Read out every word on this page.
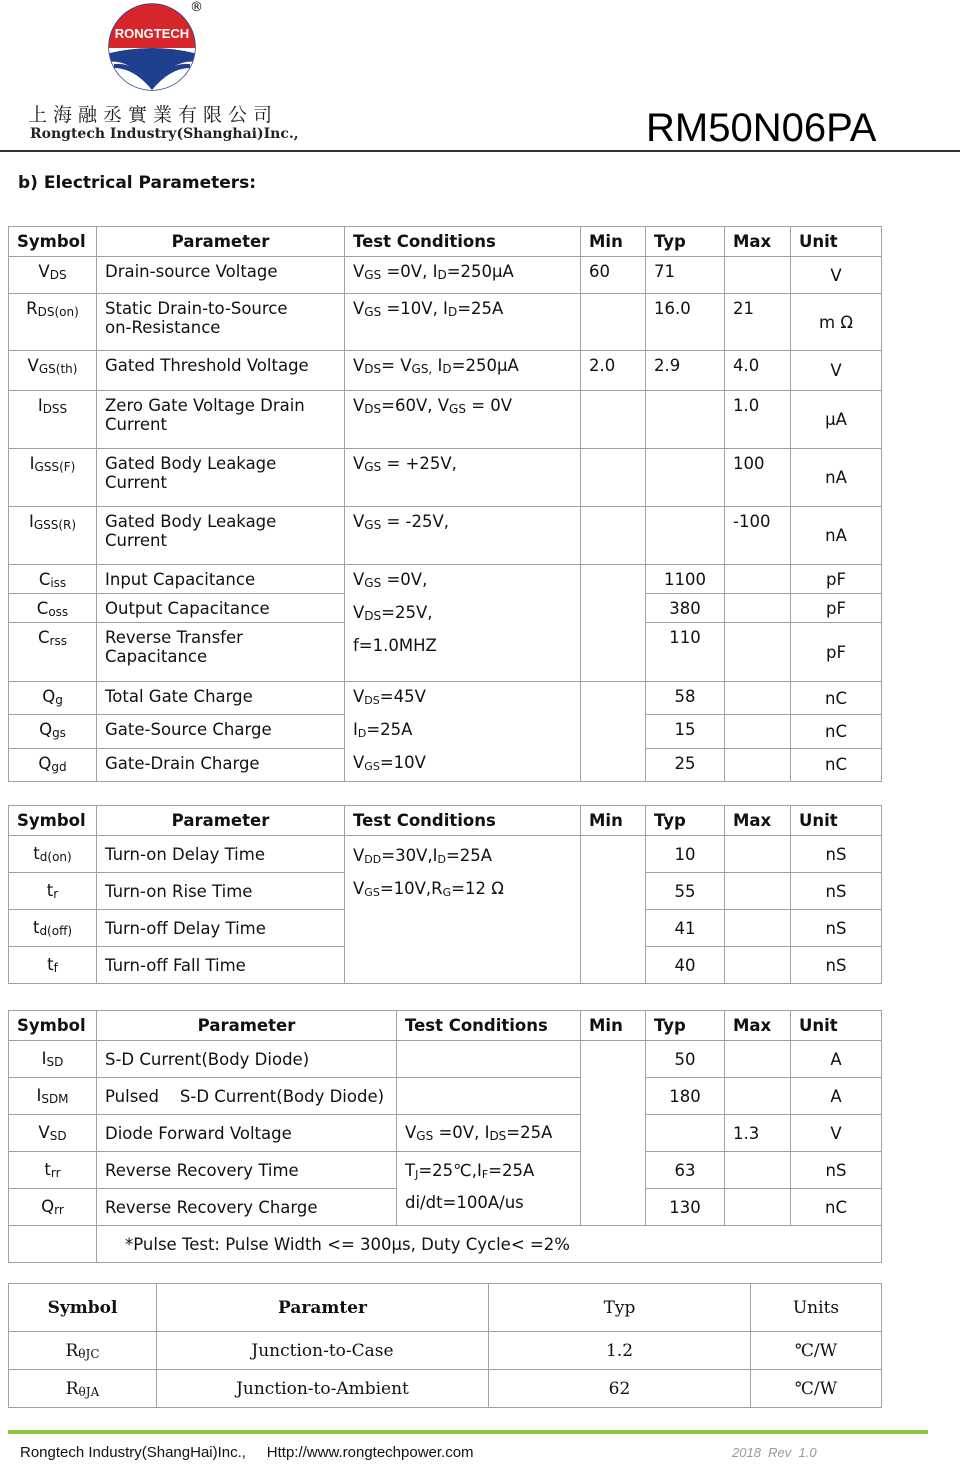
RONGTECH
®
上海融丞實業有限公司
Rongtech Industry(Shanghai)Inc.,	RM50N06PA
b) Electrical Parameters:
Symbol	Parameter	Test Conditions	Min	Typ	Max	Unit
$V_{DS}$	Drain-source Voltage	$V_{GS} =0V$, $I_D=250\mu A$	60	71		V
$R_{DS(on)}$	Static Drain-to-Source
on-Resistance	$V_{GS} =10V$, $I_D=25A$		16.0	21	m Ω
$V_{GS(th)}$	Gated Threshold Voltage	$V_{DS}= V_{GS,}$ $I_D=250\mu A$	2.0	2.9	4.0	V
$I_{DSS}$	Zero Gate Voltage Drain
Current	$V_{DS}=60V$, $V_{GS} = 0V$			1.0	μA
$I_{GSS(F)}$	Gated Body Leakage
Current	$V_{GS} = +25V$,			100	nA
$I_{GSS(R)}$	Gated Body Leakage
Current	$V_{GS} = -25V$,			-100	nA
$C_{iss}$	Input Capacitance	$V_{GS} =0V$,
$V_{DS}=25V$,
f=1.0MHZ		1100		pF
$C_{oss}$	Output Capacitance			380		pF
$C_{rss}$	Reverse Transfer
Capacitance			110		pF
$Q_g$	Total Gate Charge	$V_{DS}=45V$
$I_D=25A$
$V_{GS}=10V$		58		nC
$Q_{gs}$	Gate-Source Charge			15		nC
$Q_{gd}$	Gate-Drain Charge			25		nC
Symbol	Parameter	Test Conditions	Min	Typ	Max	Unit
$t_{d(on)}$	Turn-on Delay Time	$V_{DD}=30V,I_D=25A$
$V_{GS}=10V,R_G=12$ Ω		10		nS
$t_r$	Turn-on Rise Time			55		nS
$t_{d(off)}$	Turn-off Delay Time			41		nS
$t_f$	Turn-off Fall Time			40		nS
Symbol	Parameter	Test Conditions	Min	Typ	Max	Unit
$I_{SD}$	S-D Current(Body Diode)			50		A
$I_{SDM}$	Pulsed    S-D Current(Body Diode)			180		A
$V_{SD}$	Diode Forward Voltage	$V_{GS} =0V$, $I_{DS}=25A$			1.3	V
$t_{rr}$	Reverse Recovery Time	$T_J=25℃,I_F=25A$
di/dt=100A/us		63		nS
$Q_{rr}$	Reverse Recovery Charge			130		nC
	*Pulse Test: Pulse Width <= 300μs, Duty Cycle< =2%					
Symbol	Paramter	Typ	Units
$R_{\theta JC}$	Junction-to-Case	1.2	℃/W
$R_{\theta JA}$	Junction-to-Ambient	62	℃/W
Rongtech Industry(ShangHai)Inc.,     Http://www.rongtechpower.com	2018  Rev  1.0
